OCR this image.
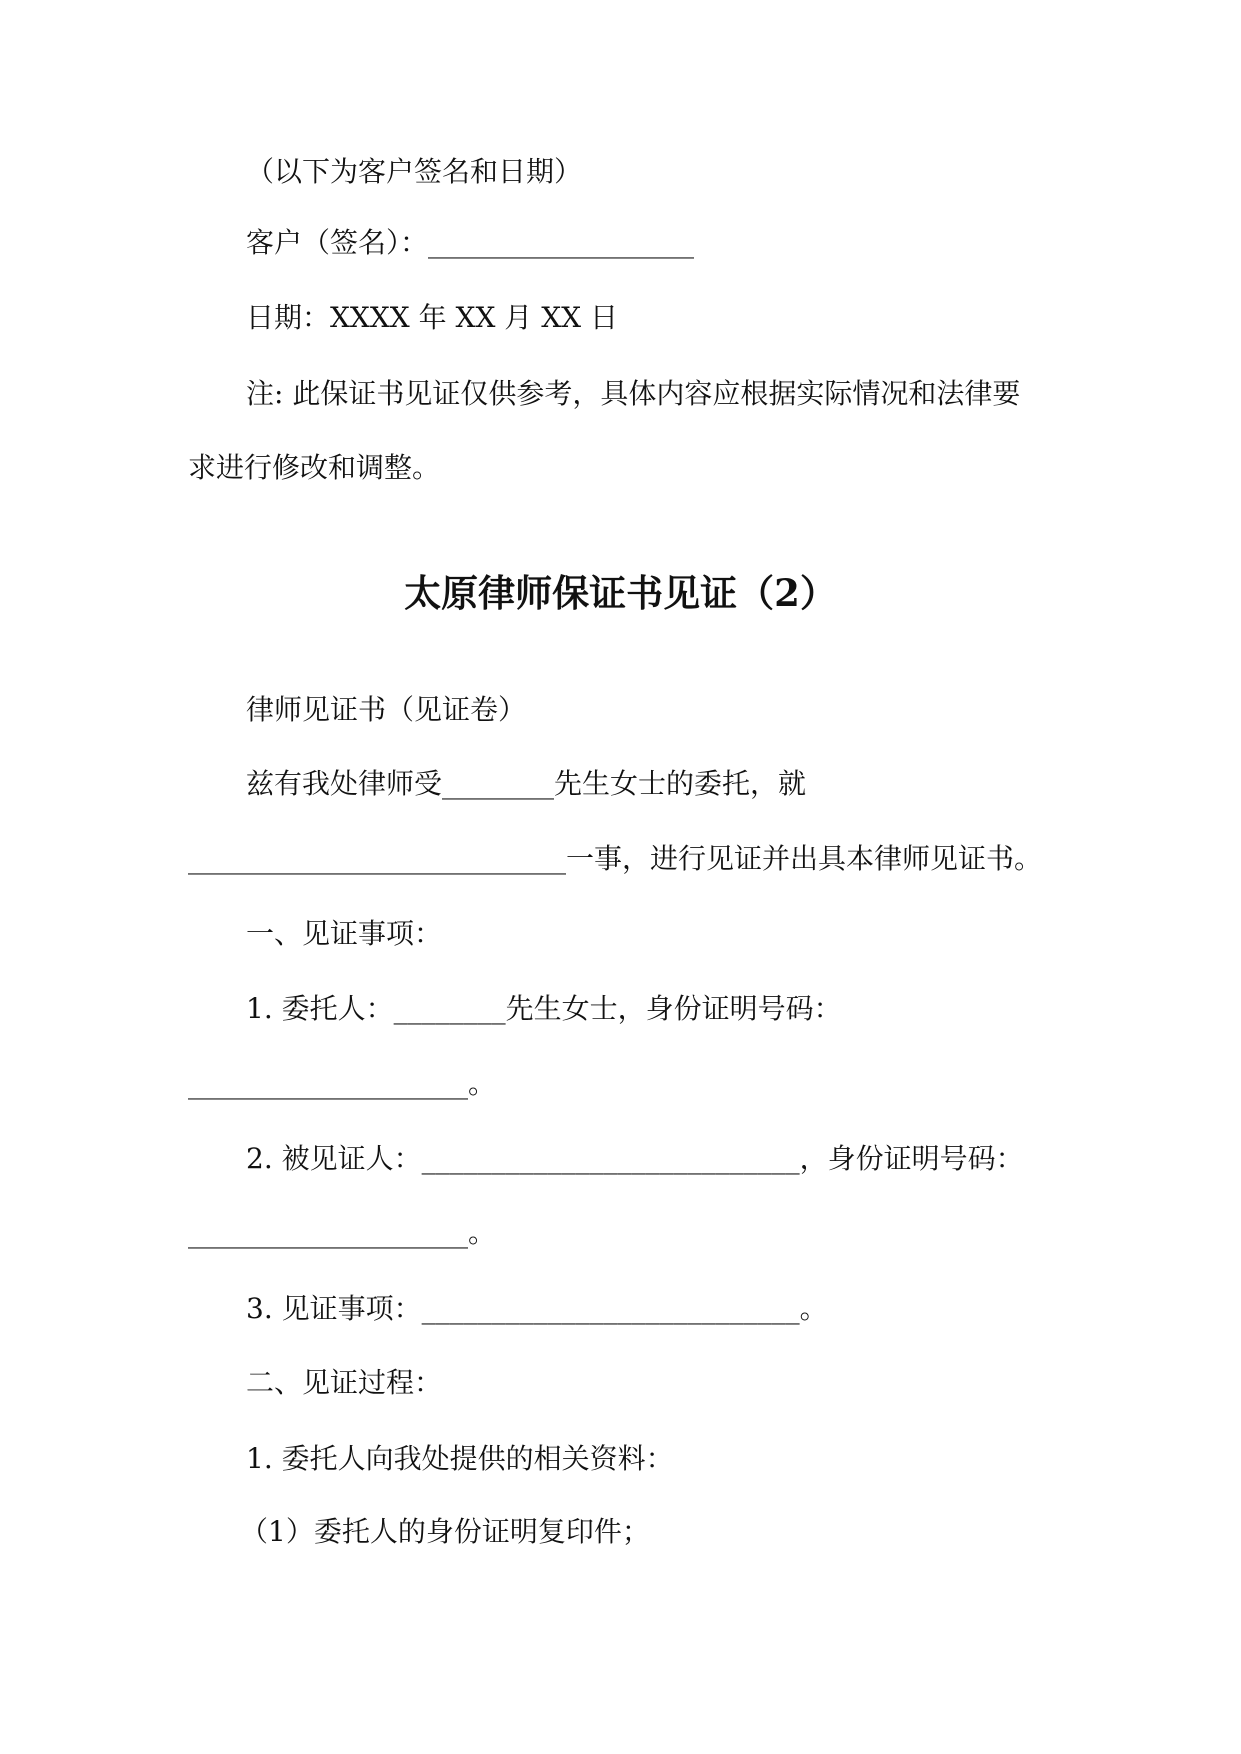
（以下为客户签名和日期）

客户（签名）：___________________

日期：XXXX 年 XX 月 XX 日

注: 此保证书见证仅供参考，具体内容应根据实际情况和法律要

求进行修改和调整。

太原律师保证书见证（2）

律师见证书（见证卷）

兹有我处律师受________先生女士的委托，就

___________________________一事，进行见证并出具本律师见证书。

一、见证事项：

1. 委托人：________先生女士，身份证明号码：

____________________。

2. 被见证人：___________________________，身份证明号码：

____________________。

3. 见证事项：___________________________。

二、见证过程：

1. 委托人向我处提供的相关资料：

（1）委托人的身份证明复印件；
